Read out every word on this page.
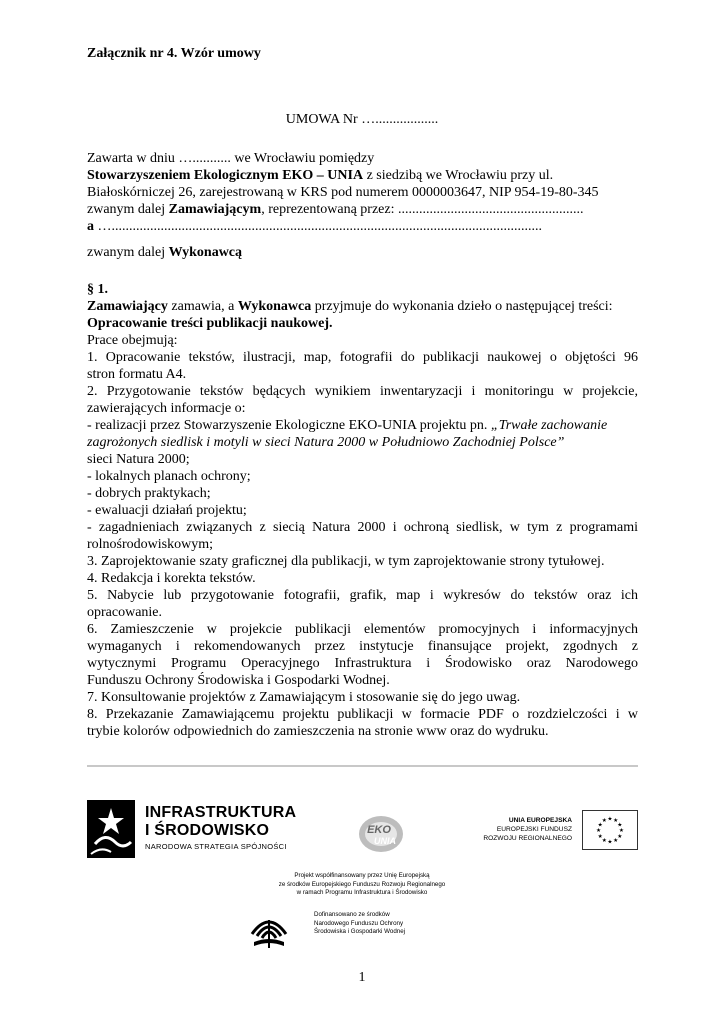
Załącznik nr 4. Wzór umowy
UMOWA Nr …..................
Zawarta w dniu …........... we Wrocławiu pomiędzy
Stowarzyszeniem Ekologicznym EKO – UNIA z siedzibą we Wrocławiu przy ul.
Białoskórniczej 26, zarejestrowaną w KRS pod numerem 0000003647, NIP 954-19-80-345
zwanym dalej Zamawiającym, reprezentowaną przez: .....................................................
a …...........................................................................................................................
zwanym dalej Wykonawcą
§ 1.
Zamawiający zamawia, a Wykonawca przyjmuje do wykonania dzieło o następującej treści:
Opracowanie treści publikacji naukowej.
Prace obejmują:
1. Opracowanie tekstów, ilustracji, map, fotografii do publikacji naukowej o objętości 96
stron formatu A4.
2. Przygotowanie tekstów będących wynikiem inwentaryzacji i monitoringu w projekcie,
zawierających informacje o:
- realizacji przez Stowarzyszenie Ekologiczne EKO-UNIA projektu pn. „Trwałe zachowanie
zagrożonych siedlisk i motyli w sieci Natura 2000 w Południowo Zachodniej Polsce”
sieci Natura 2000;
- lokalnych planach ochrony;
- dobrych praktykach;
- ewaluacji działań projektu;
- zagadnieniach związanych z siecią Natura 2000 i ochroną siedlisk, w tym z programami
rolnośrodowiskowym;
3. Zaprojektowanie szaty graficznej dla publikacji, w tym zaprojektowanie strony tytułowej.
4. Redakcja i korekta tekstów.
5. Nabycie lub przygotowanie fotografii, grafik, map i wykresów do tekstów oraz ich
opracowanie.
6. Zamieszczenie w projekcie publikacji elementów promocyjnych i informacyjnych
wymaganych i rekomendowanych przez instytucje finansujące projekt, zgodnych z
wytycznymi Programu Operacyjnego Infrastruktura i Środowisko oraz Narodowego
Funduszu Ochrony Środowiska i Gospodarki Wodnej.
7. Konsultowanie projektów z Zamawiającym i stosowanie się do jego uwag.
8. Przekazanie Zamawiającemu projektu publikacji w formacie PDF o rozdzielczości i w
trybie kolorów odpowiednich do zamieszczenia na stronie www oraz do wydruku.
INFRASTRUKTURA
I ŚRODOWISKO
NARODOWA STRATEGIA SPÓJNOŚCI
EKO
UNIA
UNIA EUROPEJSKA
EUROPEJSKI FUNDUSZ
ROZWOJU REGIONALNEGO
★
★
★
★
★
★
★
★
★ ★ ★
★
Projekt współfinansowany przez Unię Europejską
ze środków Europejskiego Funduszu Rozwoju Regionalnego
w ramach Programu Infrastruktura i Środowisko
Dofinansowano ze środków
Narodowego Funduszu Ochrony
Środowiska i Gospodarki Wodnej
1
